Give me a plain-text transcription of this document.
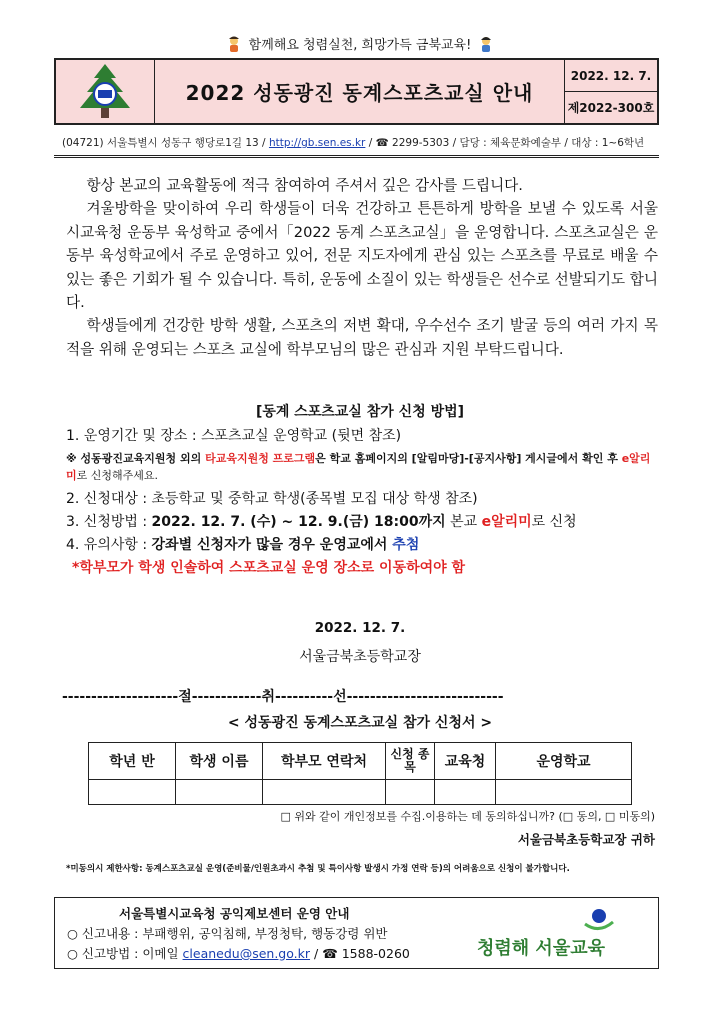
함께해요 청렴실천, 희망가득 금북교육!
2022 성동광진 동계스포츠교실 안내
2022. 12. 7.
제2022-300호
(04721) 서울특별시 성동구 행당로1길 13 / http://gb.sen.es.kr / ☎ 2299-5303 / 담당 : 체육문화예술부 / 대상 : 1~6학년

항상 본교의 교육활동에 적극 참여하여 주셔서 깊은 감사를 드립니다.

겨울방학을 맞이하여 우리 학생들이 더욱 건강하고 튼튼하게 방학을 보낼 수 있도록 서울시교육청 운동부 육성학교 중에서「2022 동계 스포츠교실」을 운영합니다. 스포츠교실은 운동부 육성학교에서 주로 운영하고 있어, 전문 지도자에게 관심 있는 스포츠를 무료로 배울 수 있는 좋은 기회가 될 수 있습니다. 특히, 운동에 소질이 있는 학생들은 선수로 선발되기도 합니다.

학생들에게 건강한 방학 생활, 스포츠의 저변 확대, 우수선수 조기 발굴 등의 여러 가지 목적을 위해 운영되는 스포츠 교실에 학부모님의 많은 관심과 지원 부탁드립니다.

[동계 스포츠교실 참가 신청 방법]
1. 운영기간 및 장소 : 스포츠교실 운영학교 (뒷면 참조)
※ 성동광진교육지원청 외의 타교육지원청 프로그램은 학교 홈페이지의 [알림마당]-[공지사항] 게시글에서 확인 후 e알리미로 신청해주세요.
2. 신청대상 : 초등학교 및 중학교 학생(종목별 모집 대상 학생 참조)
3. 신청방법 : 2022. 12. 7. (수) ~ 12. 9.(금) 18:00까지 본교 e알리미로 신청
4. 유의사항 : 강좌별 신청자가 많을 경우 운영교에서 추첨
*학부모가 학생 인솔하여 스포츠교실 운영 장소로 이동하여야 함
2022. 12. 7.
서울금북초등학교장
--------------------절------------취----------선---------------------------
< 성동광진 동계스포츠교실 참가 신청서 >
학년 반	학생 이름	학부모 연락처	신청 종목	교육청	운영학교

□ 위와 같이 개인정보를 수집.이용하는 데 동의하십니까? (□ 동의, □ 미동의)
서울금북초등학교장 귀하
*미동의시 제한사항: 동계스포츠교실 운영(준비물/인원초과시 추첨 및 특이사항 발생시 가정 연락 등)의 어려움으로 신청이 불가합니다.
서울특별시교육청 공익제보센터 운영 안내
○ 신고내용 : 부패행위, 공익침해, 부정청탁, 행동강령 위반
○ 신고방법 : 이메일 cleanedu@sen.go.kr / ☎ 1588-0260	청렴해 서울교육
